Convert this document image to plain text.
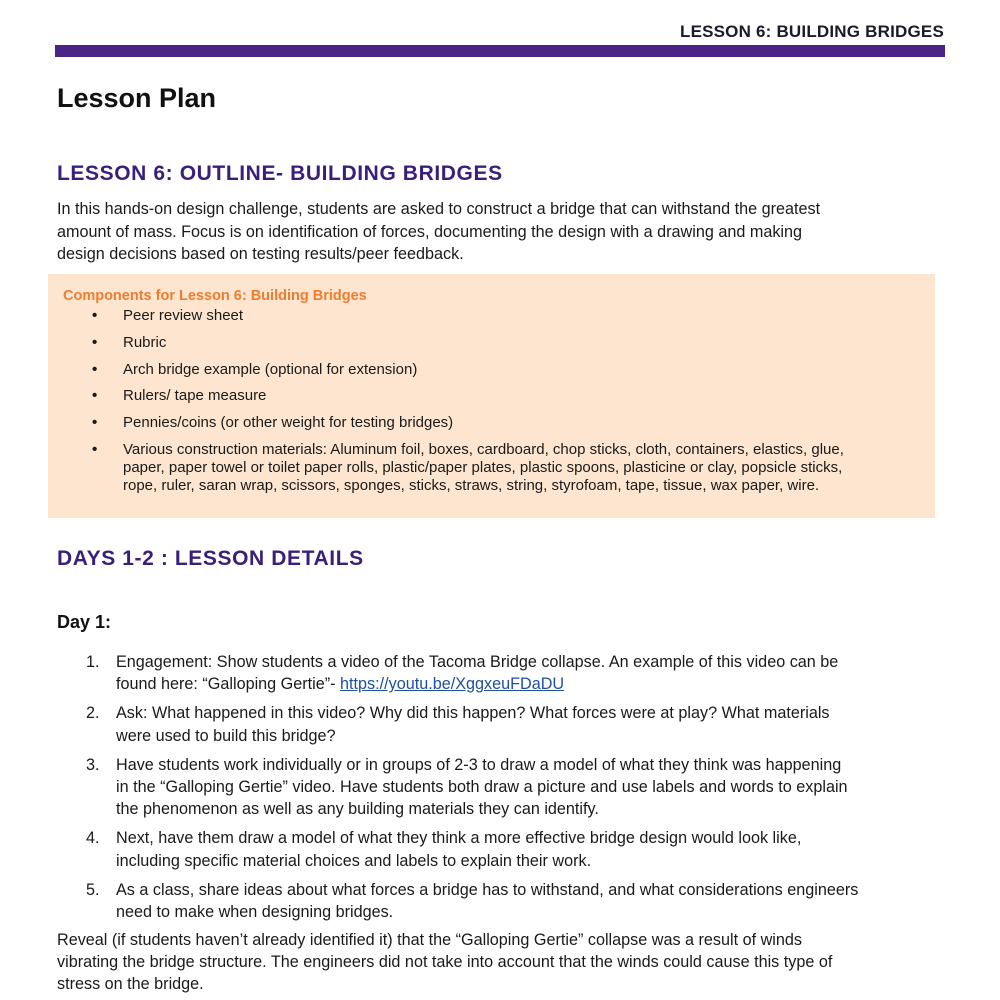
LESSON 6: BUILDING BRIDGES
Lesson Plan
LESSON 6: OUTLINE- BUILDING BRIDGES

In this hands-on design challenge, students are asked to construct a bridge that can withstand the greatest
amount of mass. Focus is on identification of forces, documenting the design with a drawing and making
design decisions based on testing results/peer feedback.

Components for Lesson 6: Building Bridges
• Peer review sheet
• Rubric
• Arch bridge example (optional for extension)
• Rulers/ tape measure
• Pennies/coins (or other weight for testing bridges)
• Various construction materials: Aluminum foil, boxes, cardboard, chop sticks, cloth, containers, elastics, glue,
paper, paper towel or toilet paper rolls, plastic/paper plates, plastic spoons, plasticine or clay, popsicle sticks,
rope, ruler, saran wrap, scissors, sponges, sticks, straws, string, styrofoam, tape, tissue, wax paper, wire.
DAYS 1-2 : LESSON DETAILS
Day 1:
1. Engagement: Show students a video of the Tacoma Bridge collapse. An example of this video can be
found here: “Galloping Gertie”- https://youtu.be/XggxeuFDaDU
2. Ask: What happened in this video? Why did this happen? What forces were at play? What materials
were used to build this bridge?
3. Have students work individually or in groups of 2-3 to draw a model of what they think was happening
in the “Galloping Gertie” video. Have students both draw a picture and use labels and words to explain
the phenomenon as well as any building materials they can identify.
4. Next, have them draw a model of what they think a more effective bridge design would look like,
including specific material choices and labels to explain their work.
5. As a class, share ideas about what forces a bridge has to withstand, and what considerations engineers
need to make when designing bridges.

Reveal (if students haven’t already identified it) that the “Galloping Gertie” collapse was a result of winds
vibrating the bridge structure. The engineers did not take into account that the winds could cause this type of
stress on the bridge.
